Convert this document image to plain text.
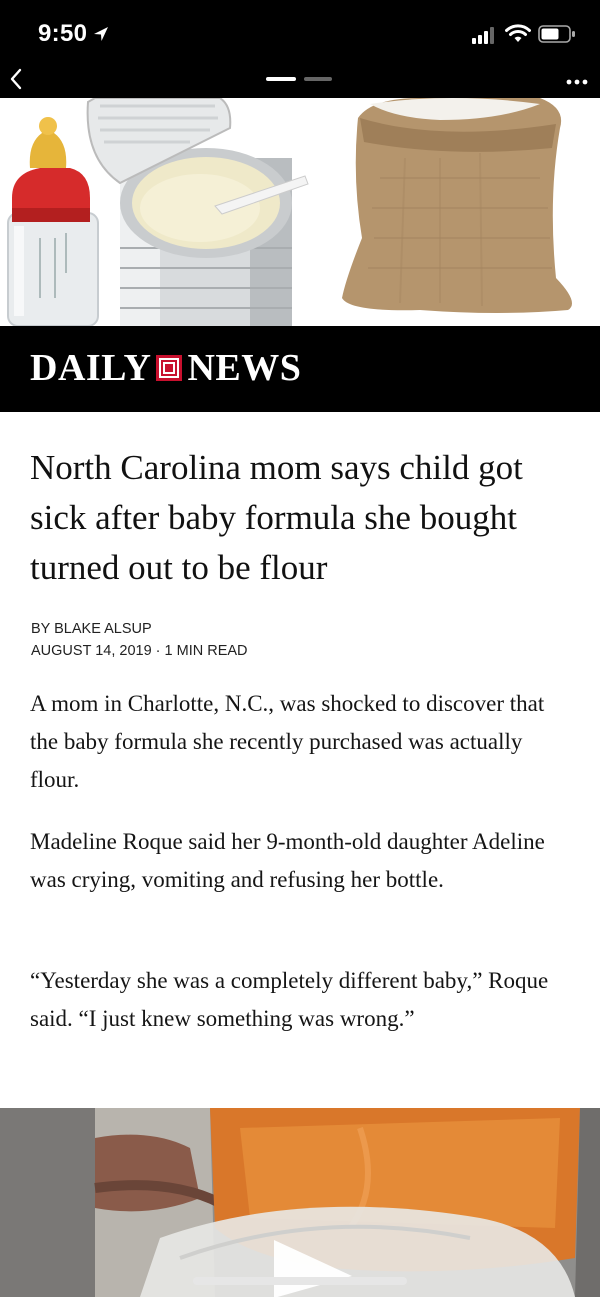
9:50
DAILY NEWS
North Carolina mom says child got sick after baby formula she bought turned out to be flour
BY BLAKE ALSUP
AUGUST 14, 2019 · 1 MIN READ

A mom in Charlotte, N.C., was shocked to discover that the baby formula she recently purchased was actually flour.

Madeline Roque said her 9-month-old daughter Adeline was crying, vomiting and refusing her bottle.

“Yesterday she was a completely different baby,” Roque said. “I just knew something was wrong.”
